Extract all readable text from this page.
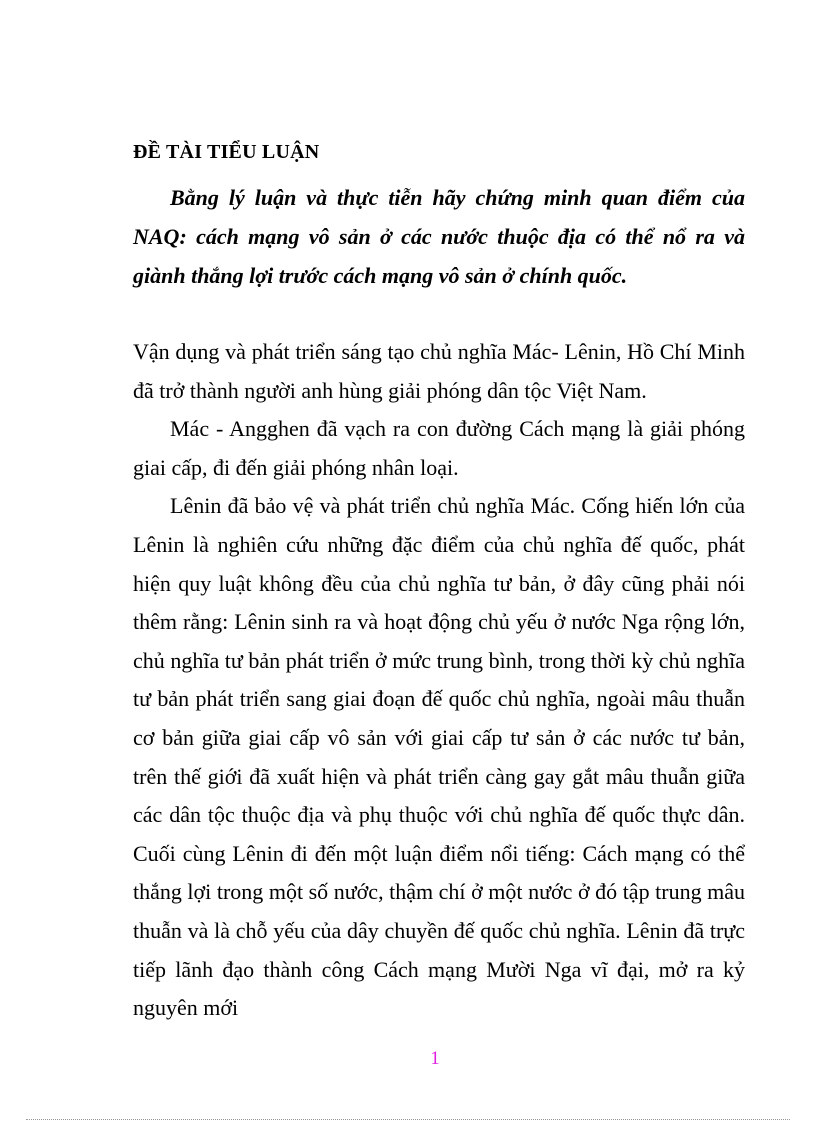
ĐỀ TÀI TIỂU LUẬN

Bằng lý luận và thực tiễn hãy chứng minh quan điểm của NAQ: cách mạng vô sản ở các nước thuộc địa có thể nổ ra và giành thắng lợi trước cách mạng vô sản ở chính quốc.

Vận dụng và phát triển sáng tạo chủ nghĩa Mác- Lênin, Hồ Chí Minh đã trở thành người anh hùng giải phóng dân tộc Việt Nam.

Mác - Angghen đã vạch ra con đường Cách mạng là giải phóng giai cấp, đi đến giải phóng nhân loại.

Lênin đã bảo vệ và phát triển chủ nghĩa Mác. Cống hiến lớn của Lênin là nghiên cứu những đặc điểm của chủ nghĩa đế quốc, phát hiện quy luật không đều của chủ nghĩa tư bản, ở đây cũng phải nói thêm rằng: Lênin sinh ra và hoạt động chủ yếu ở nước Nga rộng lớn, chủ nghĩa tư bản phát triển ở mức trung bình, trong thời kỳ chủ nghĩa tư bản phát triển sang giai đoạn đế quốc chủ nghĩa, ngoài mâu thuẫn cơ bản giữa giai cấp vô sản với giai cấp tư sản ở các nước tư bản, trên thế giới đã xuất hiện và phát triển càng gay gắt mâu thuẫn giữa các dân tộc thuộc địa và phụ thuộc với chủ nghĩa đế quốc thực dân. Cuối cùng Lênin đi đến một luận điểm nổi tiếng: Cách mạng có thể thắng lợi trong một số nước, thậm chí ở một nước ở đó tập trung mâu thuẫn và là chỗ yếu của dây chuyền đế quốc chủ nghĩa. Lênin đã trực tiếp lãnh đạo thành công Cách mạng Mười Nga vĩ đại, mở ra kỷ nguyên mới

1
